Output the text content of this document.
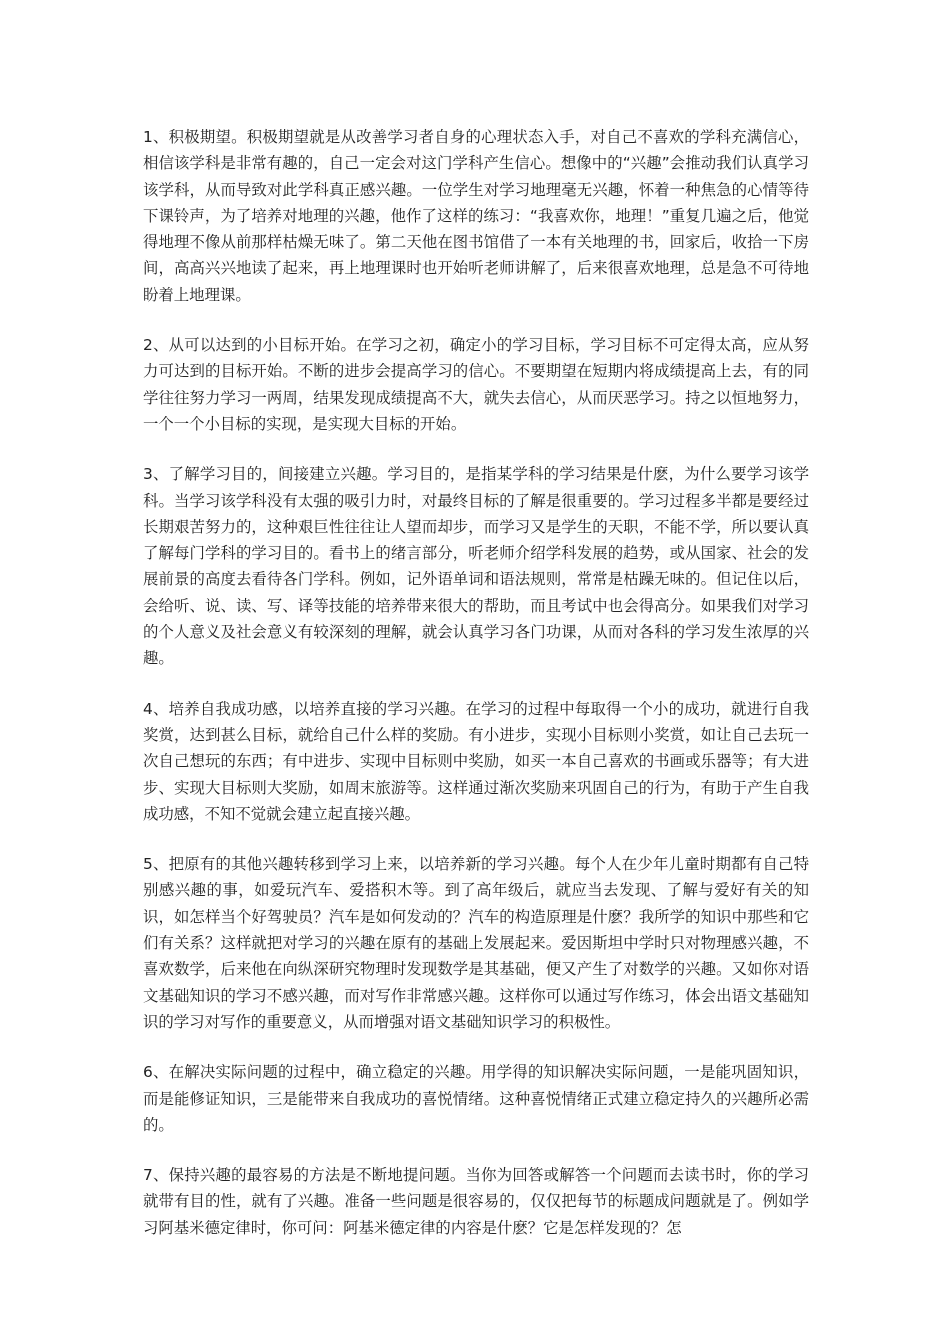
1、积极期望。积极期望就是从改善学习者自身的心理状态入手，对自己不喜欢的学科充满信心，相信该学科是非常有趣的，自己一定会对这门学科产生信心。想像中的“兴趣”会推动我们认真学习该学科，从而导致对此学科真正感兴趣。一位学生对学习地理毫无兴趣，怀着一种焦急的心情等待下课铃声，为了培养对地理的兴趣，他作了这样的练习：“我喜欢你，地理！”重复几遍之后，他觉得地理不像从前那样枯燥无味了。第二天他在图书馆借了一本有关地理的书，回家后，收拾一下房间，高高兴兴地读了起来，再上地理课时也开始听老师讲解了，后来很喜欢地理，总是急不可待地盼着上地理课。

2、从可以达到的小目标开始。在学习之初，确定小的学习目标，学习目标不可定得太高，应从努力可达到的目标开始。不断的进步会提高学习的信心。不要期望在短期内将成绩提高上去，有的同学往往努力学习一两周，结果发现成绩提高不大，就失去信心，从而厌恶学习。持之以恒地努力，一个一个小目标的实现，是实现大目标的开始。

3、了解学习目的，间接建立兴趣。学习目的，是指某学科的学习结果是什麽，为什么要学习该学科。当学习该学科没有太强的吸引力时，对最终目标的了解是很重要的。学习过程多半都是要经过长期艰苦努力的，这种艰巨性往往让人望而却步，而学习又是学生的天职，不能不学，所以要认真了解每门学科的学习目的。看书上的绪言部分，听老师介绍学科发展的趋势，或从国家、社会的发展前景的高度去看待各门学科。例如，记外语单词和语法规则，常常是枯躁无味的。但记住以后，会给听、说、读、写、译等技能的培养带来很大的帮助，而且考试中也会得高分。如果我们对学习的个人意义及社会意义有较深刻的理解，就会认真学习各门功课，从而对各科的学习发生浓厚的兴趣。

4、培养自我成功感，以培养直接的学习兴趣。在学习的过程中每取得一个小的成功，就进行自我奖赏，达到甚么目标，就给自己什么样的奖励。有小进步，实现小目标则小奖赏，如让自己去玩一次自己想玩的东西；有中进步、实现中目标则中奖励，如买一本自己喜欢的书画或乐器等；有大进步、实现大目标则大奖励，如周末旅游等。这样通过渐次奖励来巩固自己的行为，有助于产生自我成功感，不知不觉就会建立起直接兴趣。

5、把原有的其他兴趣转移到学习上来，以培养新的学习兴趣。每个人在少年儿童时期都有自己特别感兴趣的事，如爱玩汽车、爱搭积木等。到了高年级后，就应当去发现、了解与爱好有关的知识，如怎样当个好驾驶员？汽车是如何发动的？汽车的构造原理是什麽？我所学的知识中那些和它们有关系？这样就把对学习的兴趣在原有的基础上发展起来。爱因斯坦中学时只对物理感兴趣，不喜欢数学，后来他在向纵深研究物理时发现数学是其基础，便又产生了对数学的兴趣。又如你对语文基础知识的学习不感兴趣，而对写作非常感兴趣。这样你可以通过写作练习，体会出语文基础知识的学习对写作的重要意义，从而增强对语文基础知识学习的积极性。

6、在解决实际问题的过程中，确立稳定的兴趣。用学得的知识解决实际问题，一是能巩固知识，而是能修证知识，三是能带来自我成功的喜悦情绪。这种喜悦情绪正式建立稳定持久的兴趣所必需的。

7、保持兴趣的最容易的方法是不断地提问题。当你为回答或解答一个问题而去读书时，你的学习就带有目的性，就有了兴趣。准备一些问题是很容易的，仅仅把每节的标题成问题就是了。例如学习阿基米德定律时，你可问：阿基米德定律的内容是什麽？它是怎样发现的？怎
